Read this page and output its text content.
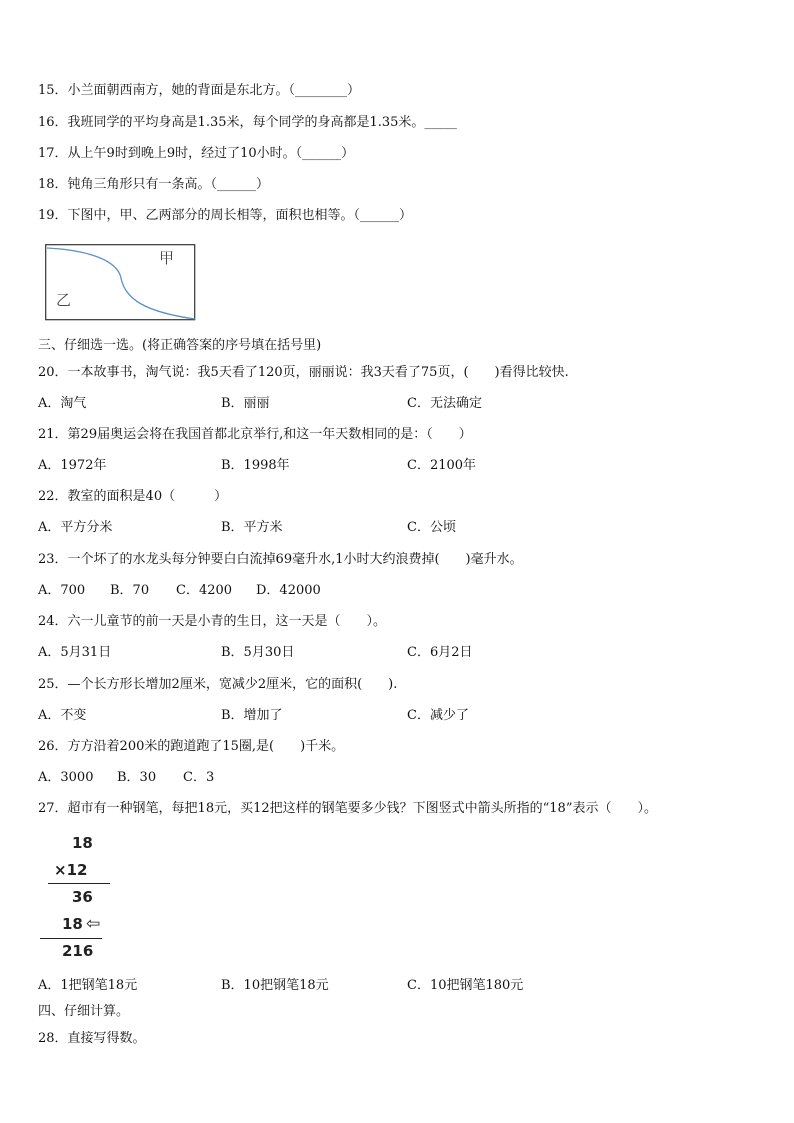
15．小兰面朝西南方，她的背面是东北方。（________）
16．我班同学的平均身高是1.35米，每个同学的身高都是1.35米。_____
17．从上午9时到晚上9时，经过了10小时。（______）
18．钝角三角形只有一条高。（______）
19．下图中，甲、乙两部分的周长相等，面积也相等。（______）
甲
乙
三、仔细选一选。(将正确答案的序号填在括号里)
20．一本故事书，淘气说：我5天看了120页，丽丽说：我3天看了75页，(　　)看得比较快.
A．淘气	B．丽丽	C．无法确定
21．第29届奥运会将在我国首都北京举行,和这一年天数相同的是：（　　）
A．1972年	B．1998年	C．2100年
22．教室的面积是40（　　　）
A．平方分米	B．平方米	C．公顷
23．一个坏了的水龙头每分钟要白白流掉69毫升水,1小时大约浪费掉(　　)毫升水。
A．700 B．70 C．4200 D．42000
24．六一儿童节的前一天是小青的生日，这一天是（　　）。
A．5月31日	B．5月30日	C．6月2日
25．—个长方形长增加2厘米，宽减少2厘米，它的面积(　　).
A．不变	B．增加了	C．减少了
26．方方沿着200米的跑道跑了15圈,是(　　)千米。
A．3000 B．30 C．3
27．超市有一种钢笔，每把18元，买12把这样的钢笔要多少钱？下图竖式中箭头所指的“18”表示（　　）。
18
×12
36
18 ⇦
216
A．1把钢笔18元	B．10把钢笔18元	C．10把钢笔180元
四、仔细计算。
28．直接写得数。
